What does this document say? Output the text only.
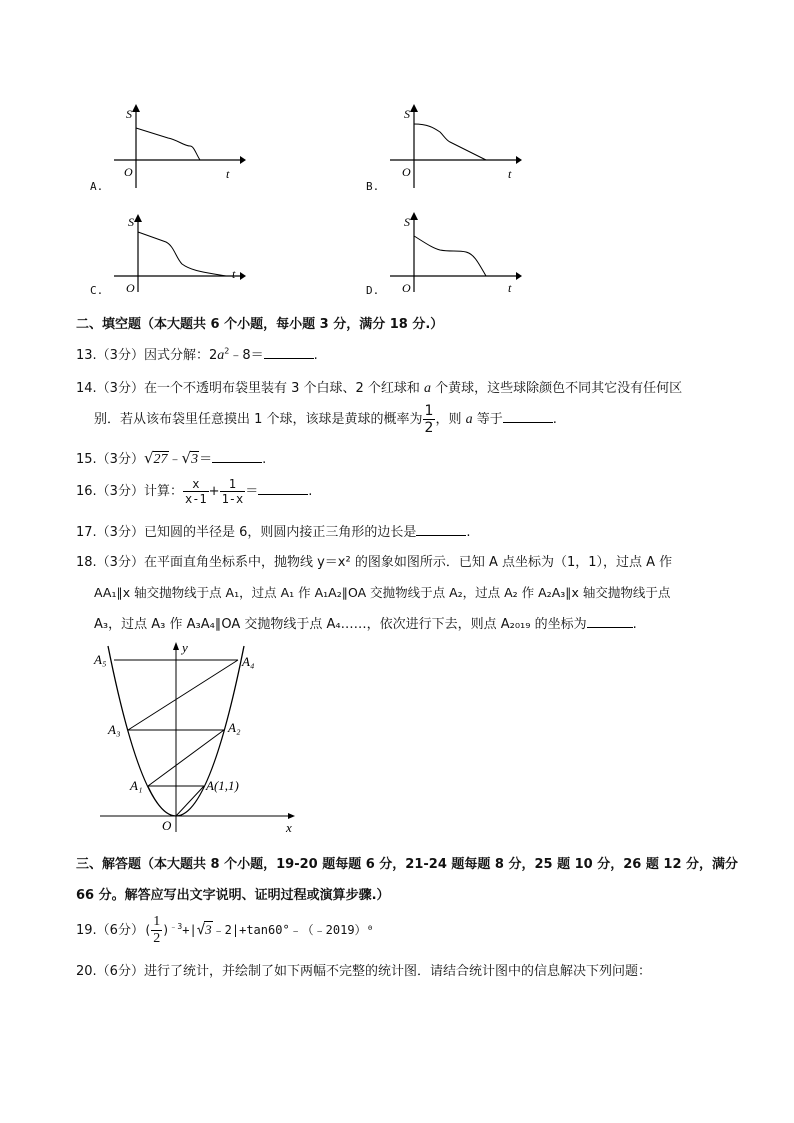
S
O	t
A.
S
O	t
B.
S
O
t
C.
S
O	t
D.
二、填空题（本大题共 6 个小题，每小题 3 分，满分 18 分.）
13.（3分）因式分解：$2a^2﹣8=$	.
14.（3分）在一个不透明布袋里装有 3 个白球、2 个红球和 a 个黄球，这些球除颜色不同其它没有任何区
别．若从该布袋里任意摸出 1 个球，该球是黄球的概率为 $\frac{1}{2}$ ，则 a 等于	.
15.（3分）√27﹣√3＝	.
16.（3分）计算： $\frac{x}{x-1} + \frac{1}{1-x}$ ＝	.
17.（3分）已知圆的半径是 6，则圆内接正三角形的边长是	.
18.（3分）在平面直角坐标系中，抛物线 y＝x² 的图象如图所示．已知 A 点坐标为（1，1），过点 A 作
AA₁∥x 轴交抛物线于点 A₁，过点 A₁ 作 A₁A₂∥OA 交抛物线于点 A₂，过点 A₂ 作 A₂A₃∥x 轴交抛物线于点
A₃，过点 A₃ 作 A₃A₄∥OA 交抛物线于点 A₄……，依次进行下去，则点 A₂₀₁₉ 的坐标为	.
A₅	A₄
A₃	A₂
A₁	A(1,1)
O	x
y
三、解答题（本大题共 8 个小题，19-20 题每题 6 分，21-24 题每题 8 分，25 题 10 分，26 题 12 分，满分
66 分。解答应写出文字说明、证明过程或演算步骤.）
19.（6分）( $\frac{1}{2}$ )$^{﹣3}$+|√3﹣2|+tan60°﹣（﹣2019）⁰
20.（6分）进行了统计，并绘制了如下两幅不完整的统计图．请结合统计图中的信息解决下列问题：
